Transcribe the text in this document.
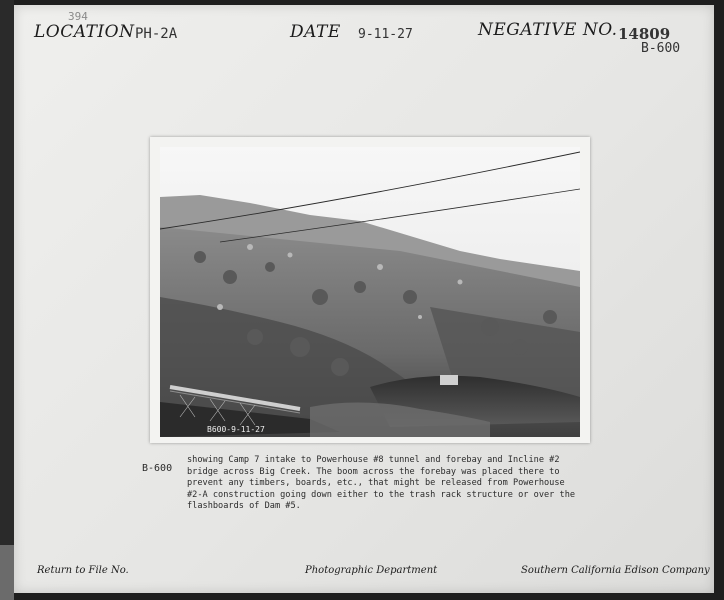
394
LOCATION PH-2A	DATE 9-11-27	NEGATIVE NO. 14809
B-600
B600-9-11-27
B-600
showing Camp 7 intake to Powerhouse #8 tunnel and forebay and Incline #2
bridge across Big Creek. The boom across the forebay was placed there to
prevent any timbers, boards, etc., that might be released from Powerhouse
#2-A construction going down either to the trash rack structure or over the
flashboards of Dam #5.
Return to File No.	Photographic Department	Southern California Edison Company
